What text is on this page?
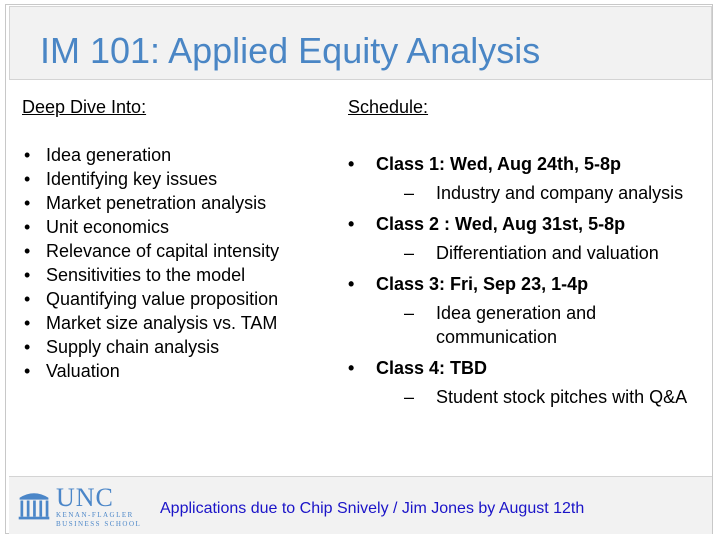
IM 101: Applied Equity Analysis
Deep Dive Into:	Schedule:
• Idea generation
• Identifying key issues
• Market penetration analysis
• Unit economics
• Relevance of capital intensity
• Sensitivities to the model
• Quantifying value proposition
• Market size analysis vs. TAM
• Supply chain analysis
• Valuation
• Class 1: Wed, Aug 24th, 5-8p
– Industry and company analysis
• Class 2 : Wed, Aug 31st, 5-8p
– Differentiation and valuation
• Class 3: Fri, Sep 23, 1-4p
– Idea generation and communication
• Class 4: TBD
– Student stock pitches with Q&A
UNC
KENAN-FLAGLER
BUSINESS SCHOOL
Applications due to Chip Snively / Jim Jones by August 12th
